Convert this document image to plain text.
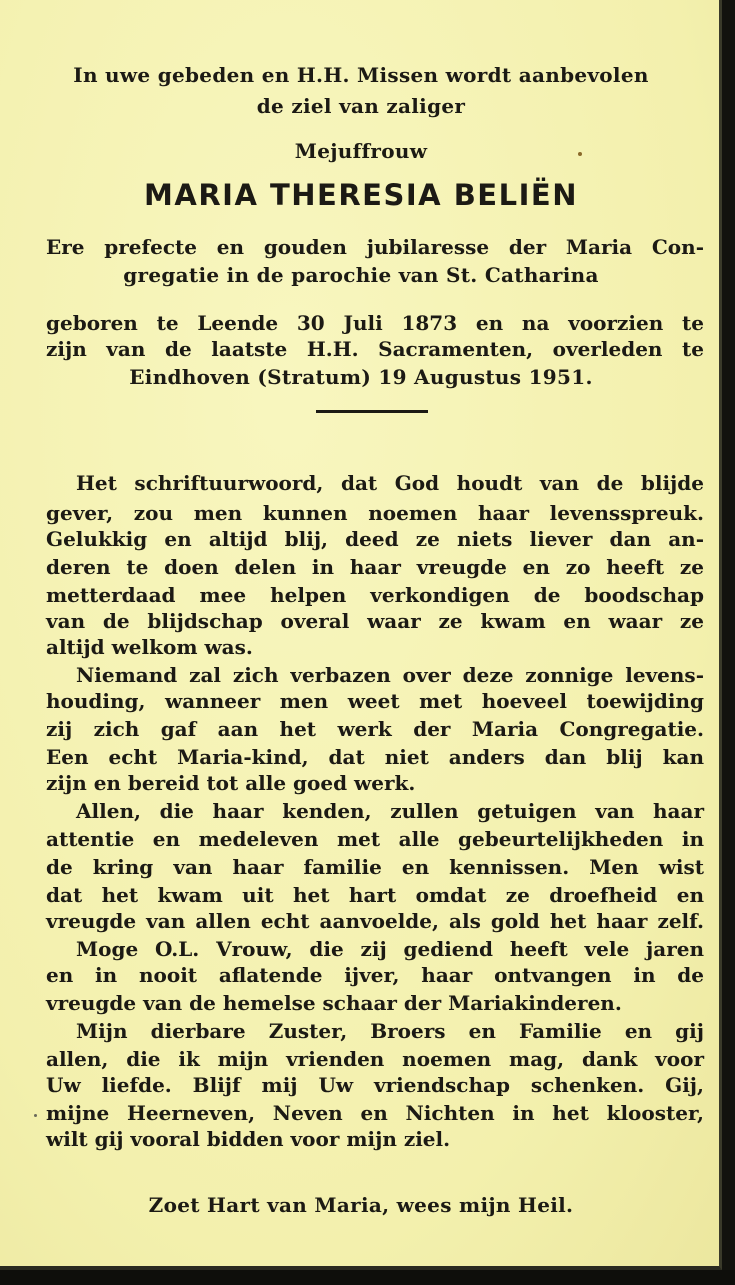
In uwe gebeden en H.H. Missen wordt aanbevolen
de ziel van zaliger
Mejuffrouw
MARIA THERESIA BELIËN
Ere prefecte en gouden jubilaresse der Maria Con-
gregatie in de parochie van St. Catharina
geboren te Leende 30 Juli 1873 en na voorzien te
zijn van de laatste H.H. Sacramenten, overleden te
Eindhoven (Stratum) 19 Augustus 1951.
Het schriftuurwoord, dat God houdt van de blijde
gever, zou men kunnen noemen haar levensspreuk.
Gelukkig en altijd blij, deed ze niets liever dan an-
deren te doen delen in haar vreugde en zo heeft ze
metterdaad mee helpen verkondigen de boodschap
van de blijdschap overal waar ze kwam en waar ze
altijd welkom was.
Niemand zal zich verbazen over deze zonnige levens-
houding, wanneer men weet met hoeveel toewijding
zij zich gaf aan het werk der Maria Congregatie.
Een echt Maria-kind, dat niet anders dan blij kan
zijn en bereid tot alle goed werk.
Allen, die haar kenden, zullen getuigen van haar
attentie en medeleven met alle gebeurtelijkheden in
de kring van haar familie en kennissen. Men wist
dat het kwam uit het hart omdat ze droefheid en
vreugde van allen echt aanvoelde, als gold het haar zelf.
Moge O.L. Vrouw, die zij gediend heeft vele jaren
en in nooit aflatende ijver, haar ontvangen in de
vreugde van de hemelse schaar der Mariakinderen.
Mijn dierbare Zuster, Broers en Familie en gij
allen, die ik mijn vrienden noemen mag, dank voor
Uw liefde. Blijf mij Uw vriendschap schenken. Gij,
mijne Heerneven, Neven en Nichten in het klooster,
wilt gij vooral bidden voor mijn ziel.
Zoet Hart van Maria, wees mijn Heil.
